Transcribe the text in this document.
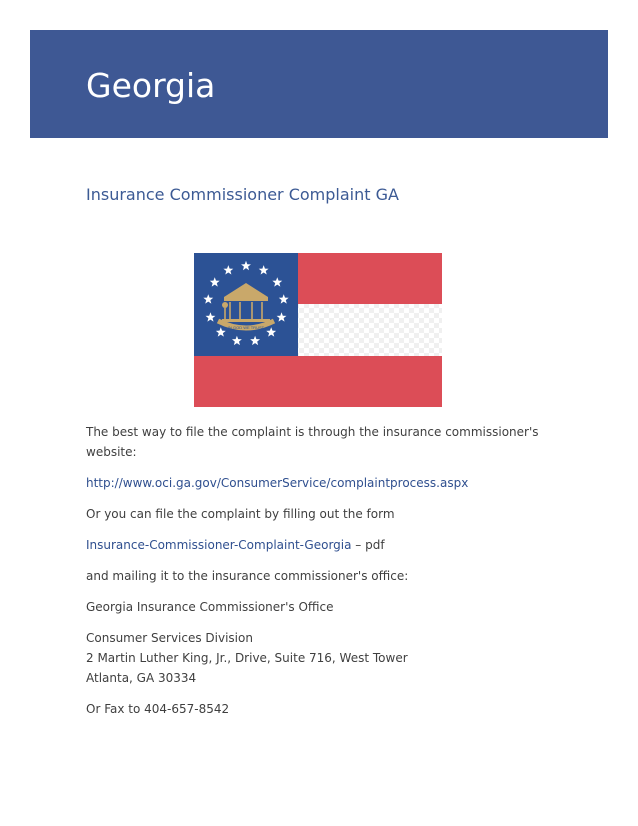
Georgia
Insurance Commissioner Complaint GA
IN GOD WE TRUST

The best way to file the complaint is through the insurance commissioner's website:

http://www.oci.ga.gov/ConsumerService/complaintprocess.aspx

Or you can file the complaint by filling out the form

Insurance-Commissioner-Complaint-Georgia – pdf

and mailing it to the insurance commissioner's office:

Georgia Insurance Commissioner's Office

Consumer Services Division
2 Martin Luther King, Jr., Drive, Suite 716, West Tower
Atlanta, GA 30334

Or Fax to 404-657-8542
